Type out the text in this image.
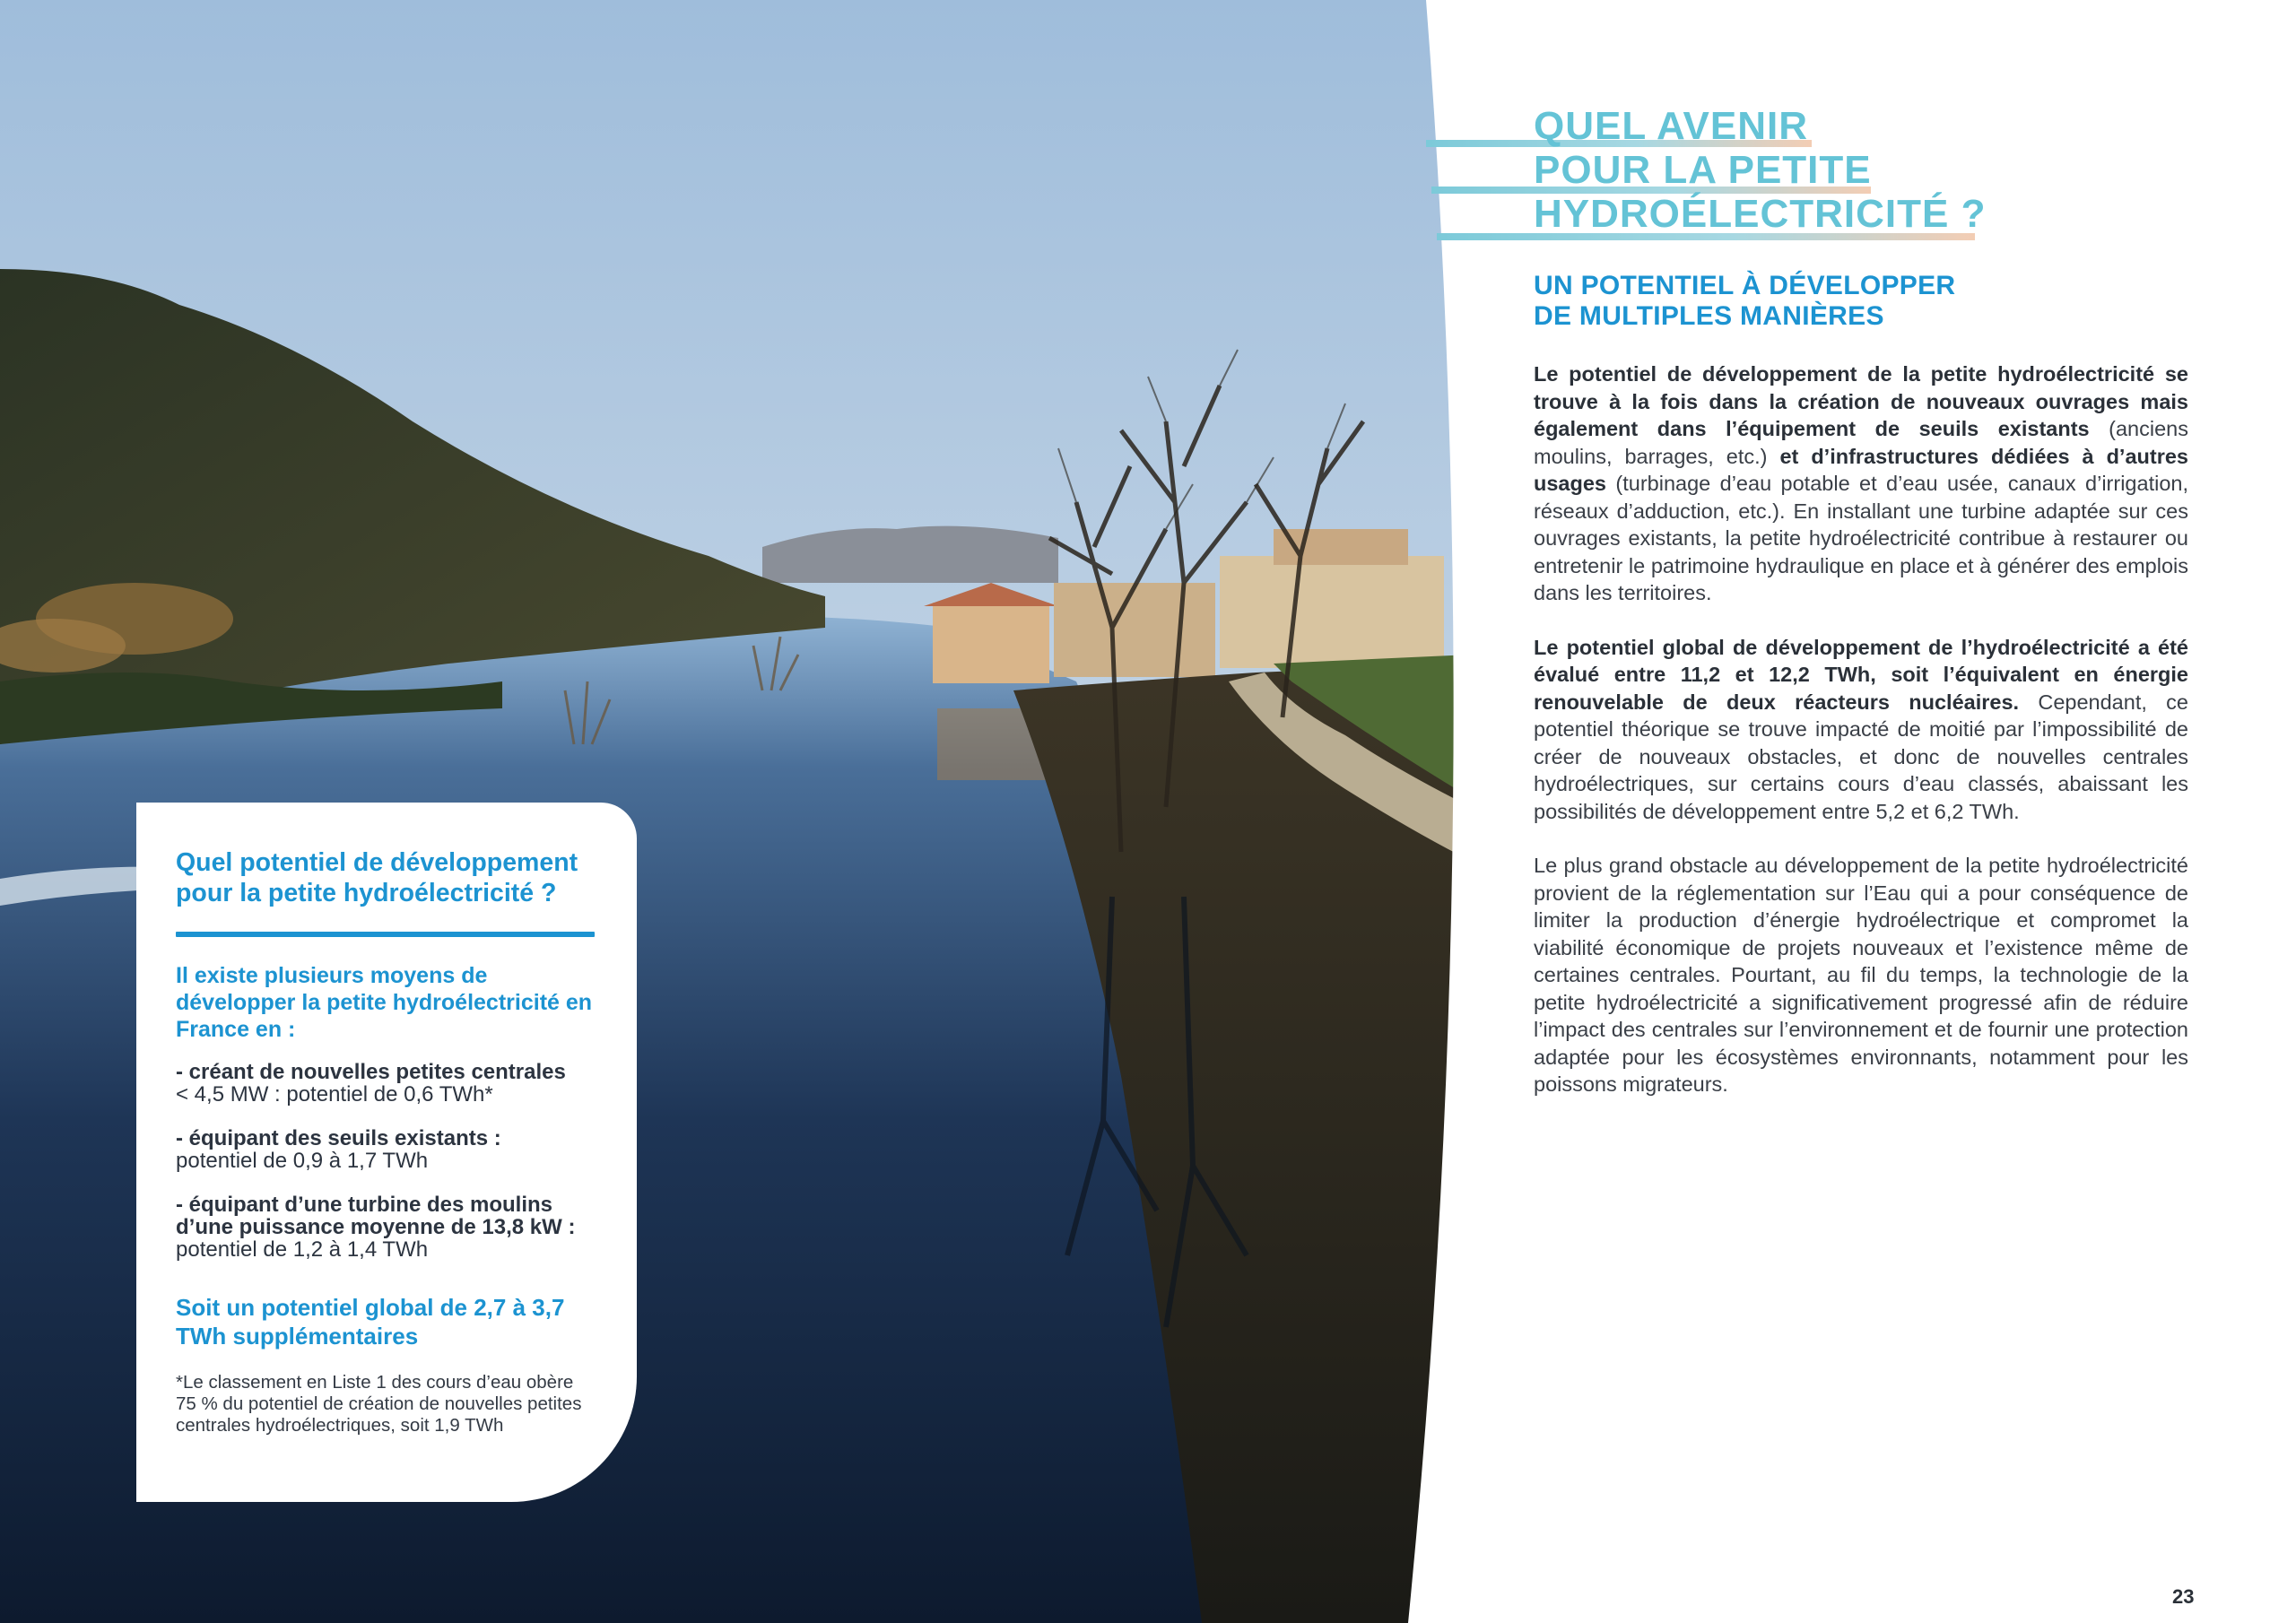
Quel potentiel de développement pour la petite hydroélectricité ?

Il existe plusieurs moyens de développer la petite hydroélectricité en France en :

- créant de nouvelles petites centrales
< 4,5 MW : potentiel de 0,6 TWh*
- équipant des seuils existants :
potentiel de 0,9 à 1,7 TWh
- équipant d’une turbine des moulins d’une puissance moyenne de 13,8 kW :
potentiel de 1,2 à 1,4 TWh

Soit un potentiel global de 2,7 à 3,7 TWh supplémentaires

*Le classement en Liste 1 des cours d’eau obère 75 % du potentiel de création de nouvelles petites centrales hydroélectriques, soit 1,9 TWh

QUEL AVENIR
POUR LA PETITE
HYDROÉLECTRICITÉ ?
UN POTENTIEL À DÉVELOPPER
DE MULTIPLES MANIÈRES

Le potentiel de développement de la petite hydroélectricité se trouve à la fois dans la création de nouveaux ouvrages mais également dans l’équipement de seuils existants (anciens moulins, barrages, etc.) et d’infrastructures dédiées à d’autres usages (turbinage d’eau potable et d’eau usée, canaux d’irrigation, réseaux d’adduction, etc.). En installant une turbine adaptée sur ces ouvrages existants, la petite hydroélectricité contribue à restaurer ou entretenir le patrimoine hydraulique en place et à générer des emplois dans les territoires.

Le potentiel global de développement de l’hydroélectricité a été évalué entre 11,2 et 12,2 TWh, soit l’équivalent en énergie renouvelable de deux réacteurs nucléaires. Cependant, ce potentiel théorique se trouve impacté de moitié par l’impossibilité de créer de nouveaux obstacles, et donc de nouvelles centrales hydroélectriques, sur certains cours d’eau classés, abaissant les possibilités de développement entre 5,2 et 6,2 TWh.

Le plus grand obstacle au développement de la petite hydroélectricité provient de la réglementation sur l’Eau qui a pour conséquence de limiter la production d’énergie hydroélectrique et compromet la viabilité économique de projets nouveaux et l’existence même de certaines centrales. Pourtant, au fil du temps, la technologie de la petite hydroélectricité a significativement progressé afin de réduire l’impact des centrales sur l’environnement et de fournir une protection adaptée pour les écosystèmes environnants, notamment pour les poissons migrateurs.

23
